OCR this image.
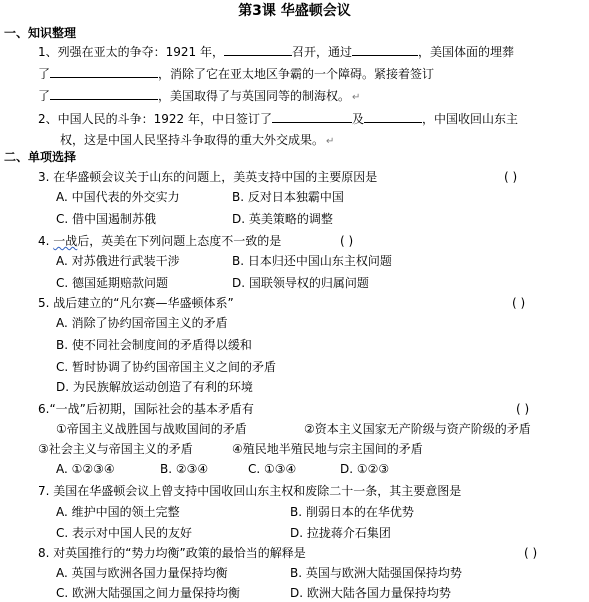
第3课 华盛顿会议
一、知识整理
1、列强在亚太的争夺：1921 年，	召开，通过	，美国体面的埋葬
了	，消除了它在亚太地区争霸的一个障碍。紧接着签订
了	，美国取得了与英国同等的制海权。 ↵
2、中国人民的斗争：1922 年，中日签订了	及	，中国收回山东主
权，这是中国人民坚持斗争取得的重大外交成果。 ↵
二、单项选择
3. 在华盛顿会议关于山东的问题上，美英支持中国的主要原因是	( )
A. 中国代表的外交实力	B. 反对日本独霸中国
C. 借中国遏制苏俄	D. 英美策略的调整
4. 一战后，英美在下列问题上态度不一致的是	( )
A. 对苏俄进行武装干涉	B. 日本归还中国山东主权问题
C. 德国延期赔款问题	D. 国联领导权的归属问题
5. 战后建立的“凡尔赛—华盛顿体系”	( )
A. 消除了协约国帝国主义的矛盾
B. 使不同社会制度间的矛盾得以缓和
C. 暂时协调了协约国帝国主义之间的矛盾
D. 为民族解放运动创造了有利的环境
6.“一战”后初期，国际社会的基本矛盾有	( )
①帝国主义战胜国与战败国间的矛盾	②资本主义国家无产阶级与资产阶级的矛盾
③社会主义与帝国主义的矛盾	④殖民地半殖民地与宗主国间的矛盾
A. ①②③④	B. ②③④	C. ①③④	D. ①②③
7. 美国在华盛顿会议上曾支持中国收回山东主权和废除二十一条，其主要意图是
A. 维护中国的领土完整	B. 削弱日本的在华优势
C. 表示对中国人民的友好	D. 拉拢蒋介石集团
8. 对英国推行的“势力均衡”政策的最恰当的解释是	( )
A. 英国与欧洲各国力量保持均衡	B. 英国与欧洲大陆强国保持均势
C. 欧洲大陆强国之间力量保持均衡	D. 欧洲大陆各国力量保持均势
